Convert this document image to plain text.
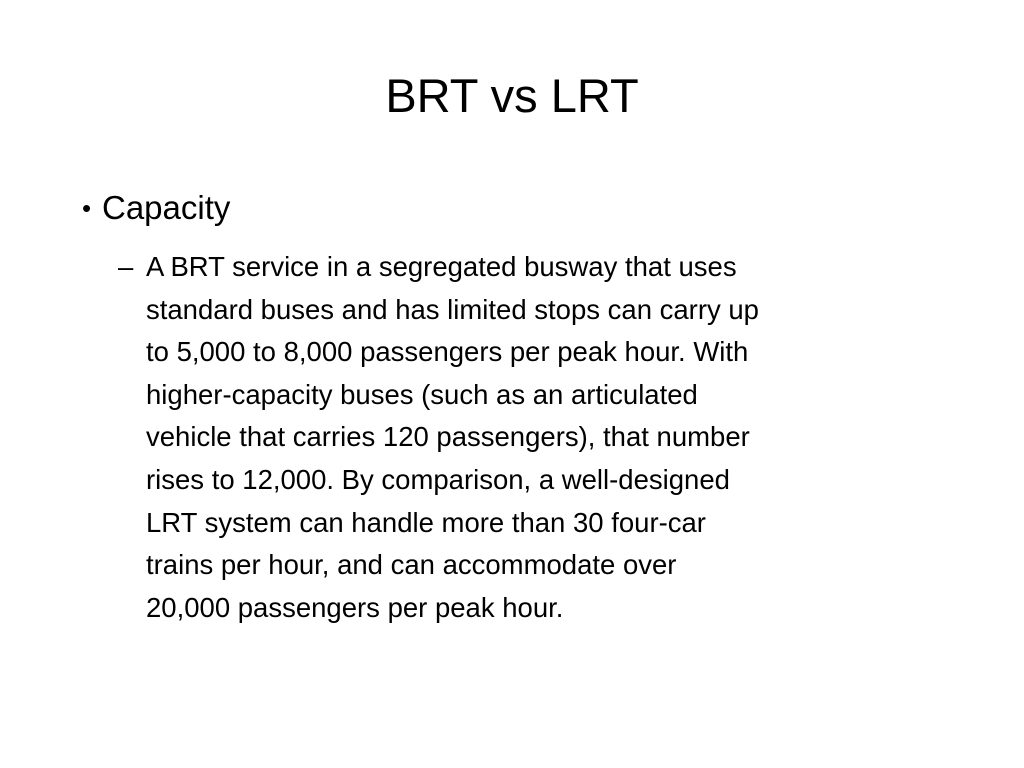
BRT vs LRT
• Capacity
– A BRT service in a segregated busway that uses
standard buses and has limited stops can carry up
to 5,000 to 8,000 passengers per peak hour. With
higher-capacity buses (such as an articulated
vehicle that carries 120 passengers), that number
rises to 12,000. By comparison, a well-designed
LRT system can handle more than 30 four-car
trains per hour, and can accommodate over
20,000 passengers per peak hour.
